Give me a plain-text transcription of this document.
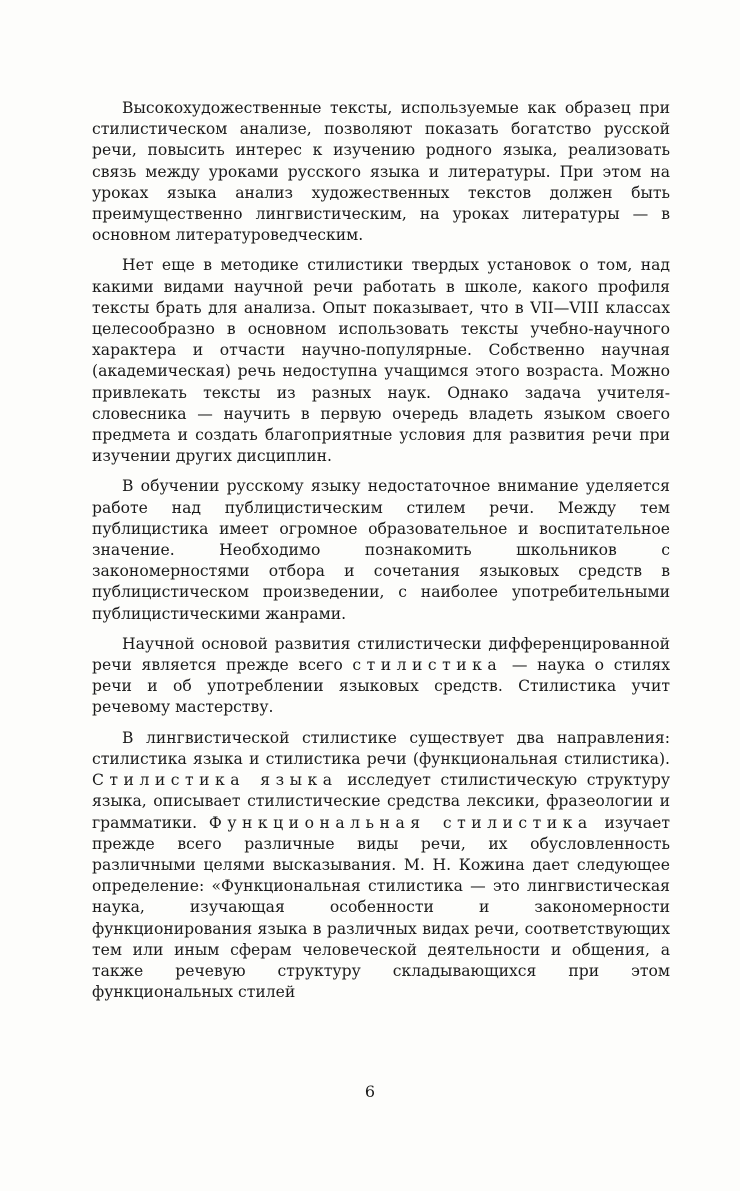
Высокохудожественные тексты, используемые как образец при стилистическом анализе, позволяют показать богатство русской речи, повысить интерес к изучению родного языка, реализовать связь между уроками русского языка и литературы. При этом на уроках языка анализ художественных текстов должен быть преимущественно лингвистическим, на уроках литературы — в основном литературоведческим.

Нет еще в методике стилистики твердых установок о том, над какими видами научной речи работать в школе, какого профиля тексты брать для анализа. Опыт показывает, что в VII—VIII классах целесообразно в основном использовать тексты учебно-научного характера и отчасти научно-популярные. Собственно научная (академическая) речь недоступна учащимся этого возраста. Можно привлекать тексты из разных наук. Однако задача учителя-словесника — научить в первую очередь владеть языком своего предмета и создать благоприятные условия для развития речи при изучении других дисциплин.

В обучении русскому языку недостаточное внимание уделяется работе над публицистическим стилем речи. Между тем публицистика имеет огромное образовательное и воспитательное значение. Необходимо познакомить школьников с закономерностями отбора и сочетания языковых средств в публицистическом произведении, с наиболее употребительными публицистическими жанрами.

Научной основой развития стилистически дифференцированной речи является прежде всего стилистика — наука о стилях речи и об употреблении языковых средств. Стилистика учит речевому мастерству.

В лингвистической стилистике существует два направления: стилистика языка и стилистика речи (функциональная стилистика). Стилистика языка исследует стилистическую структуру языка, описывает стилистические средства лексики, фразеологии и грамматики. Функциональная стилистика изучает прежде всего различные виды речи, их обусловленность различными целями высказывания. М. Н. Кожина дает следующее определение: «Функциональная стилистика — это лингвистическая наука, изучающая особенности и закономерности функционирования языка в различных видах речи, соответствующих тем или иным сферам человеческой деятельности и общения, а также речевую структуру складывающихся при этом функциональных стилей

6
